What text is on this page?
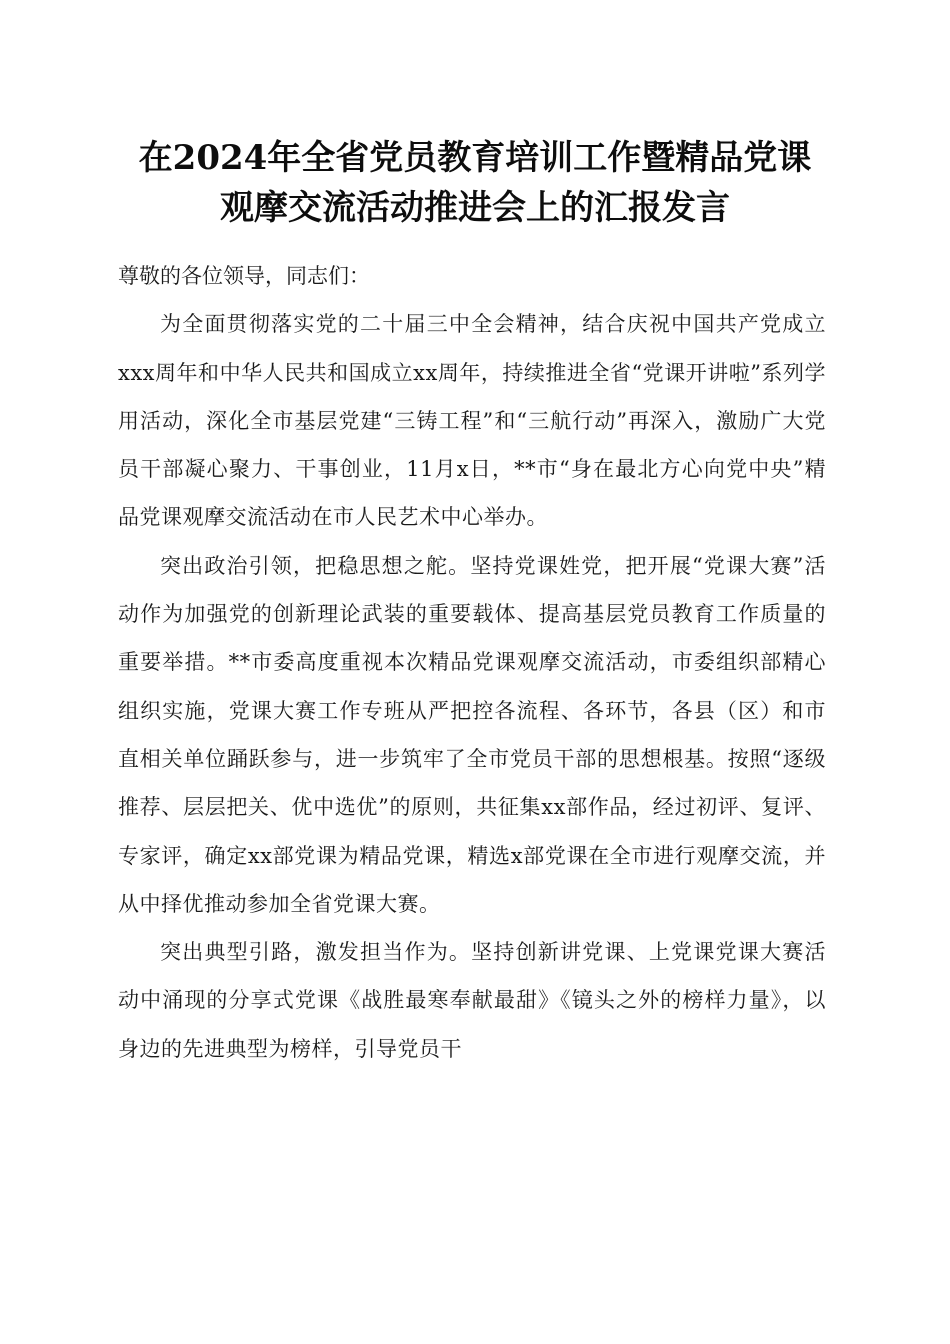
在2024年全省党员教育培训工作暨精品党课
观摩交流活动推进会上的汇报发言

尊敬的各位领导，同志们：

为全面贯彻落实党的二十届三中全会精神，结合庆祝中国共产党成立xxx周年和中华人民共和国成立xx周年，持续推进全省“党课开讲啦”系列学用活动，深化全市基层党建“三铸工程”和“三航行动”再深入，激励广大党员干部凝心聚力、干事创业，11月x日，**市“身在最北方心向党中央”精品党课观摩交流活动在市人民艺术中心举办。

突出政治引领，把稳思想之舵。坚持党课姓党，把开展“党课大赛”活动作为加强党的创新理论武装的重要载体、提高基层党员教育工作质量的重要举措。**市委高度重视本次精品党课观摩交流活动，市委组织部精心组织实施，党课大赛工作专班从严把控各流程、各环节，各县（区）和市直相关单位踊跃参与，进一步筑牢了全市党员干部的思想根基。按照“逐级推荐、层层把关、优中选优”的原则，共征集xx部作品，经过初评、复评、专家评，确定xx部党课为精品党课，精选x部党课在全市进行观摩交流，并从中择优推动参加全省党课大赛。

突出典型引路，激发担当作为。坚持创新讲党课、上党课党课大赛活动中涌现的分享式党课《战胜最寒奉献最甜》《镜头之外的榜样力量》，以身边的先进典型为榜样，引导党员干
